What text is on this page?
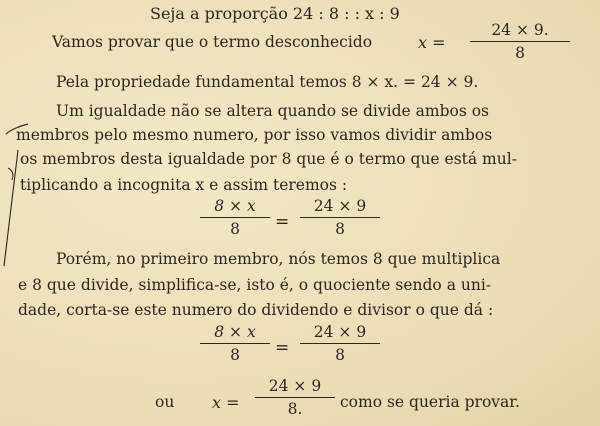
Seja a proporção 24 : 8 : : x : 9
Vamos provar que o termo desconhecido	x =
24 × 9.
8
Pela propriedade fundamental temos 8 × x. = 24 × 9.
Um igualdade não se altera quando se divide ambos os
membros pelo mesmo numero, por isso vamos dividir ambos
os membros desta igualdade por 8 que é o termo que está mul-
tiplicando a incognita x e assim teremos :
8 × x
8	=
24 × 9
8
Porém, no primeiro membro, nós temos 8 que multiplica
e 8 que divide, simplifica-se, isto é, o quociente sendo a uni-
dade, corta-se este numero do dividendo e divisor o que dá :
8 × x
8	=
24 × 9
8
ou x =
24 × 9
8.	como se queria provar.
